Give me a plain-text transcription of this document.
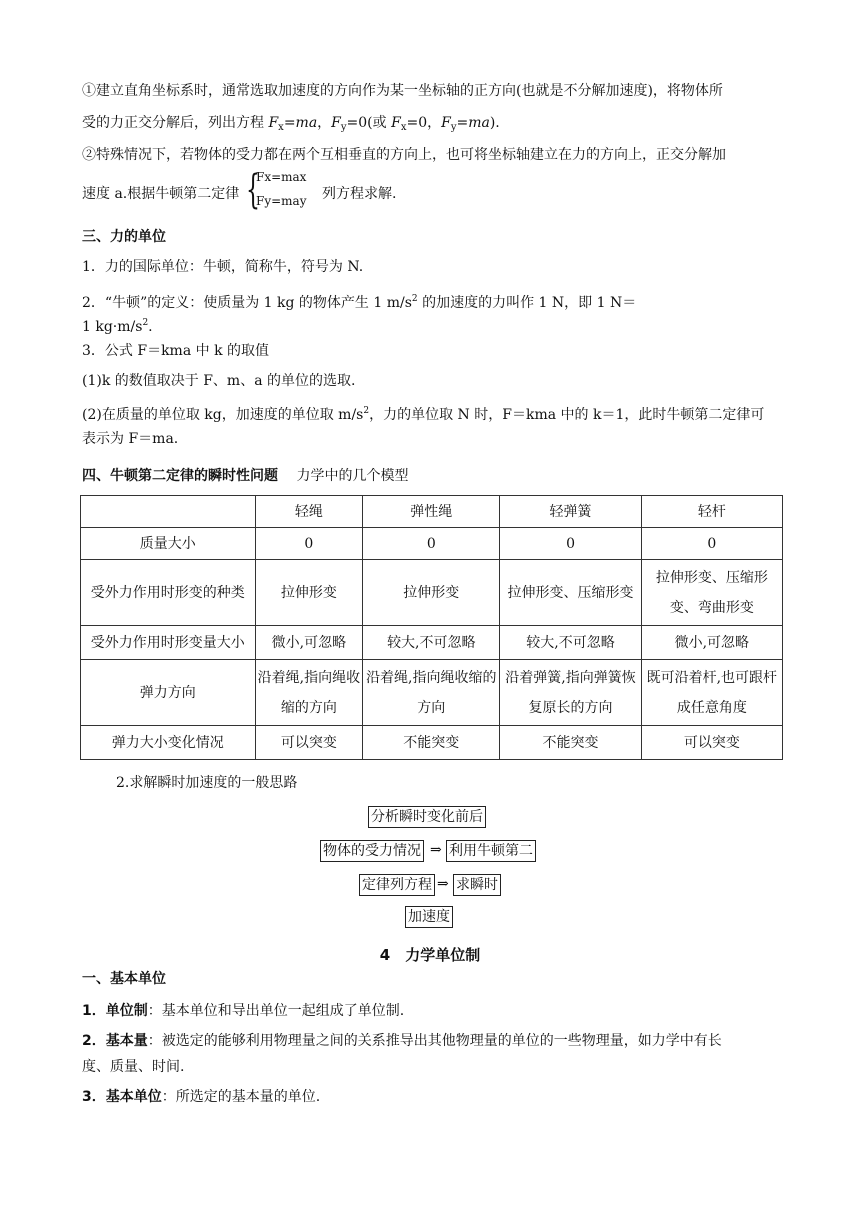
①建立直角坐标系时，通常选取加速度的方向作为某一坐标轴的正方向(也就是不分解加速度)，将物体所
受的力正交分解后，列出方程 $F_x=ma$，$F_y=0$(或 $F_x=0$，$F_y=ma$).
②特殊情况下，若物体的受力都在两个互相垂直的方向上，也可将坐标轴建立在力的方向上，正交分解加
速度 a.根据牛顿第二定律 {
Fx=max
Fy=may 列方程求解.
三、力的单位
1．力的国际单位：牛顿，简称牛，符号为 N.
2．“牛顿”的定义：使质量为 1 kg 的物体产生 1 $m/s^2$ 的加速度的力叫作 1 N，即 1 N＝
1 $kg\cdot m/s^2$.
3．公式 F＝kma 中 k 的取值
(1)k 的数值取决于 F、m、a 的单位的选取.
(2)在质量的单位取 kg，加速度的单位取 $m/s^2$，力的单位取 N 时，F＝kma 中的 k＝1，此时牛顿第二定律可
表示为 F＝ma.
四、牛顿第二定律的瞬时性问题 力学中的几个模型
	轻绳	弹性绳	轻弹簧	轻杆
质量大小	0	0	0	0
受外力作用时形变的种类	拉伸形变	拉伸形变	拉伸形变、压缩形变	拉伸形变、压缩形变、弯曲形变
受外力作用时形变量大小	微小,可忽略	较大,不可忽略	较大,不可忽略	微小,可忽略
弹力方向	沿着绳,指向绳收缩的方向	沿着绳,指向绳收缩的方向	沿着弹簧,指向弹簧恢复原长的方向	既可沿着杆,也可跟杆成任意角度
弹力大小变化情况	可以突变	不能突变	不能突变	可以突变
2.求解瞬时加速度的一般思路
分析瞬时变化前后
物体的受力情况 ⇒ 利用牛顿第二
定律列方程 ⇒ 求瞬时
加速度
4　力学单位制
一、基本单位
1．单位制：基本单位和导出单位一起组成了单位制.
2．基本量：被选定的能够利用物理量之间的关系推导出其他物理量的单位的一些物理量，如力学中有长
度、质量、时间.
3．基本单位：所选定的基本量的单位.
